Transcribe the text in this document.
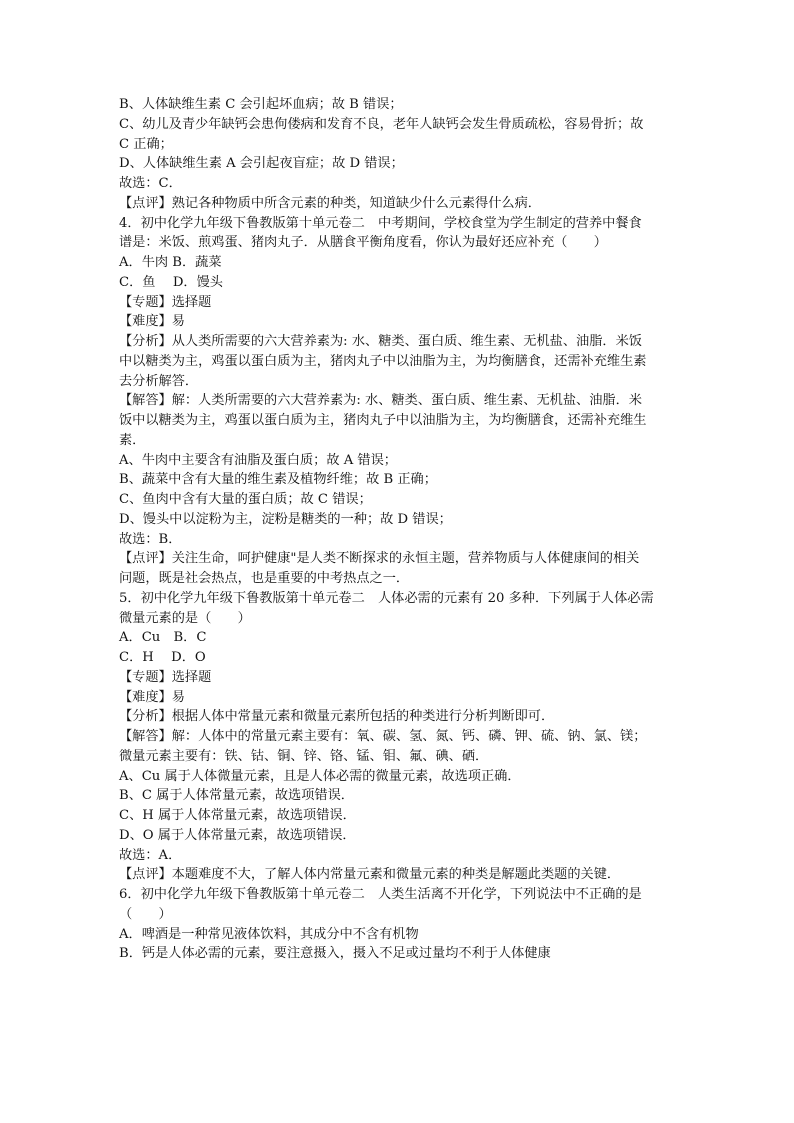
B、人体缺维生素 C 会引起坏血病；故 B 错误；
C、幼儿及青少年缺钙会患佝偻病和发育不良，老年人缺钙会发生骨质疏松，容易骨折；故
C 正确；
D、人体缺维生素 A 会引起夜盲症；故 D 错误；
故选：C．
【点评】熟记各种物质中所含元素的种类，知道缺少什么元素得什么病．
4．初中化学九年级下鲁教版第十单元卷二　中考期间，学校食堂为学生制定的营养中餐食
谱是：米饭、煎鸡蛋、猪肉丸子．从膳食平衡角度看，你认为最好还应补充（　　）
A．牛肉 B．蔬菜
C．鱼　 D．馒头
【专题】选择题
【难度】易
【分析】从人类所需要的六大营养素为: 水、糖类、蛋白质、维生素、无机盐、油脂．米饭
中以糖类为主，鸡蛋以蛋白质为主，猪肉丸子中以油脂为主，为均衡膳食，还需补充维生素
去分析解答．
【解答】解：人类所需要的六大营养素为: 水、糖类、蛋白质、维生素、无机盐、油脂．米
饭中以糖类为主，鸡蛋以蛋白质为主，猪肉丸子中以油脂为主，为均衡膳食，还需补充维生
素．
A、牛肉中主要含有油脂及蛋白质；故 A 错误；
B、蔬菜中含有大量的维生素及植物纤维；故 B 正确；
C、鱼肉中含有大量的蛋白质；故 C 错误；
D、馒头中以淀粉为主，淀粉是糖类的一种；故 D 错误；
故选：B．
【点评】关注生命，呵护健康"是人类不断探求的永恒主题，营养物质与人体健康间的相关
问题，既是社会热点，也是重要的中考热点之一．
5．初中化学九年级下鲁教版第十单元卷二　人体必需的元素有 20 多种．下列属于人体必需
微量元素的是（　　）
A．Cu　B．C
C．H　 D．O
【专题】选择题
【难度】易
【分析】根据人体中常量元素和微量元素所包括的种类进行分析判断即可．
【解答】解：人体中的常量元素主要有：氧、碳、氢、氮、钙、磷、钾、硫、钠、氯、镁；
微量元素主要有：铁、钴、铜、锌、铬、锰、钼、氟、碘、硒．
A、Cu 属于人体微量元素，且是人体必需的微量元素，故选项正确．
B、C 属于人体常量元素，故选项错误．
C、H 属于人体常量元素，故选项错误．
D、O 属于人体常量元素，故选项错误．
故选：A．
【点评】本题难度不大，了解人体内常量元素和微量元素的种类是解题此类题的关键．
6．初中化学九年级下鲁教版第十单元卷二　人类生活离不开化学，下列说法中不正确的是
（　　）
A．啤酒是一种常见液体饮料，其成分中不含有机物
B．钙是人体必需的元素，要注意摄入，摄入不足或过量均不利于人体健康
